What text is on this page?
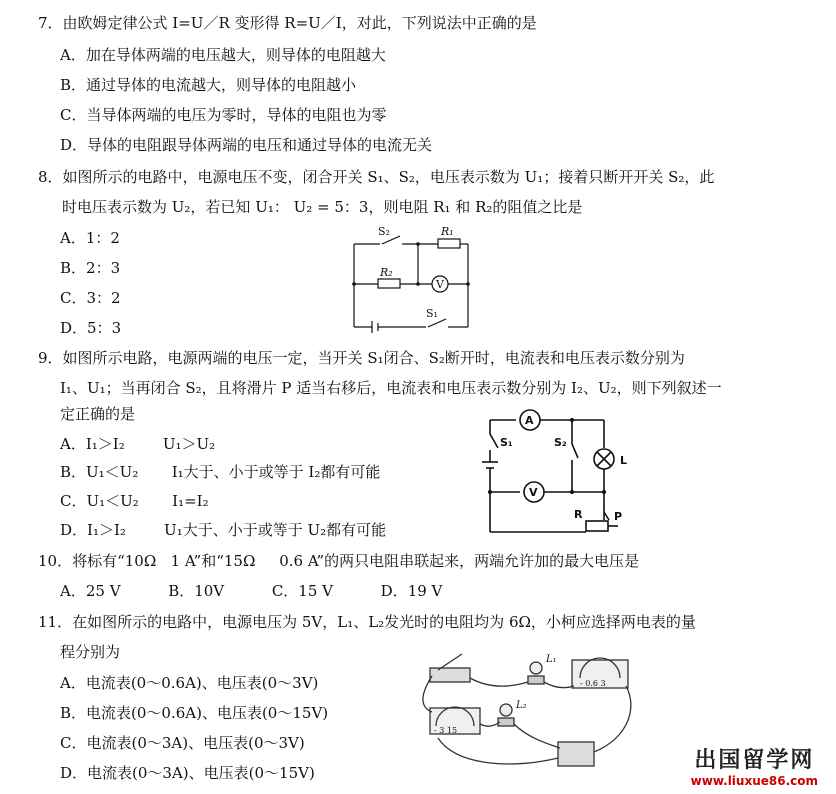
7．由欧姆定律公式 I=U／R 变形得 R=U／I，对此，下列说法中正确的是
A．加在导体两端的电压越大，则导体的电阻越大
B．通过导体的电流越大，则导体的电阻越小
C．当导体两端的电压为零时，导体的电阻也为零
D．导体的电阻跟导体两端的电压和通过导体的电流无关
8．如图所示的电路中，电源电压不变，闭合开关 S₁、S₂，电压表示数为 U₁；接着只断开开关 S₂，此
时电压表示数为 U₂，若已知 U₁： U₂ = 5：3，则电阻 R₁ 和 R₂的阻值之比是
A．1：2
B．2：3
C．3：2
D．5：3
S₂	R₁
R₂
V
S₁
9．如图所示电路，电源两端的电压一定，当开关 S₁闭合、S₂断开时，电流表和电压表示数分别为
I₁、U₁；当再闭合 S₂，且将滑片 P 适当右移后，电流表和电压表示数分别为 I₂、U₂，则下列叙述一
定正确的是
A．I₁＞I₂        U₁＞U₂
B．U₁＜U₂       I₁大于、小于或等于 I₂都有可能
C．U₁＜U₂       I₁=I₂
D．I₁＞I₂        U₁大于、小于或等于 U₂都有可能
A
S₁	S₂
L
V
R	P
10．将标有“10Ω   1 A”和“15Ω     0.6 A”的两只电阻串联起来，两端允许加的最大电压是
A．25 V          B．10V          C．15 V          D．19 V
11．在如图所示的电路中，电源电压为 5V，L₁、L₂发光时的电阻均为 6Ω，小柯应选择两电表的量
程分别为
A．电流表(0～0.6A)、电压表(0～3V)
B．电流表(0～0.6A)、电压表(0～15V)
C．电流表(0～3A)、电压表(0～3V)
D．电流表(0～3A)、电压表(0～15V)
L₁
L₂
- 0.6 3
- 3 15
出国留学网
www.liuxue86.com
